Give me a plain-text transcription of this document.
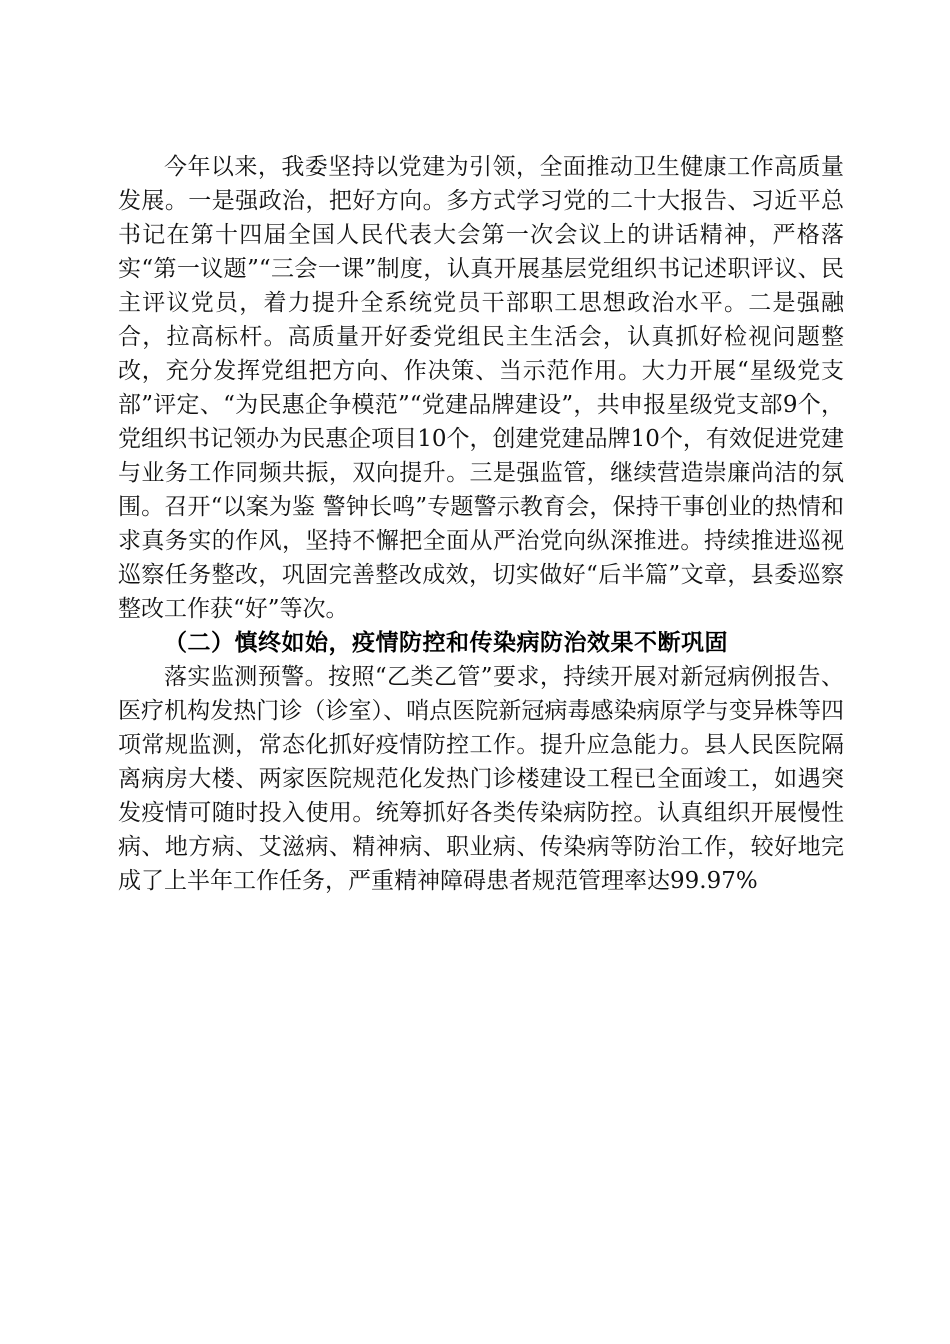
今年以来，我委坚持以党建为引领，全面推动卫生健康工作高质量发展。一是强政治，把好方向。多方式学习党的二十大报告、习近平总书记在第十四届全国人民代表大会第一次会议上的讲话精神，严格落实“第一议题”“三会一课”制度，认真开展基层党组织书记述职评议、民主评议党员，着力提升全系统党员干部职工思想政治水平。二是强融合，拉高标杆。高质量开好委党组民主生活会，认真抓好检视问题整改，充分发挥党组把方向、作决策、当示范作用。大力开展“星级党支部”评定、“为民惠企争模范”“党建品牌建设”，共申报星级党支部9个，党组织书记领办为民惠企项目10个，创建党建品牌10个，有效促进党建与业务工作同频共振，双向提升。三是强监管，继续营造崇廉尚洁的氛围。召开“以案为鉴 警钟长鸣”专题警示教育会，保持干事创业的热情和求真务实的作风，坚持不懈把全面从严治党向纵深推进。持续推进巡视巡察任务整改，巩固完善整改成效，切实做好“后半篇”文章，县委巡察整改工作获“好”等次。

（二）慎终如始，疫情防控和传染病防治效果不断巩固

落实监测预警。按照“乙类乙管”要求，持续开展对新冠病例报告、医疗机构发热门诊（诊室）、哨点医院新冠病毒感染病原学与变异株等四项常规监测，常态化抓好疫情防控工作。提升应急能力。县人民医院隔离病房大楼、两家医院规范化发热门诊楼建设工程已全面竣工，如遇突发疫情可随时投入使用。统筹抓好各类传染病防控。认真组织开展慢性病、地方病、艾滋病、精神病、职业病、传染病等防治工作，较好地完成了上半年工作任务，严重精神障碍患者规范管理率达99.97%
